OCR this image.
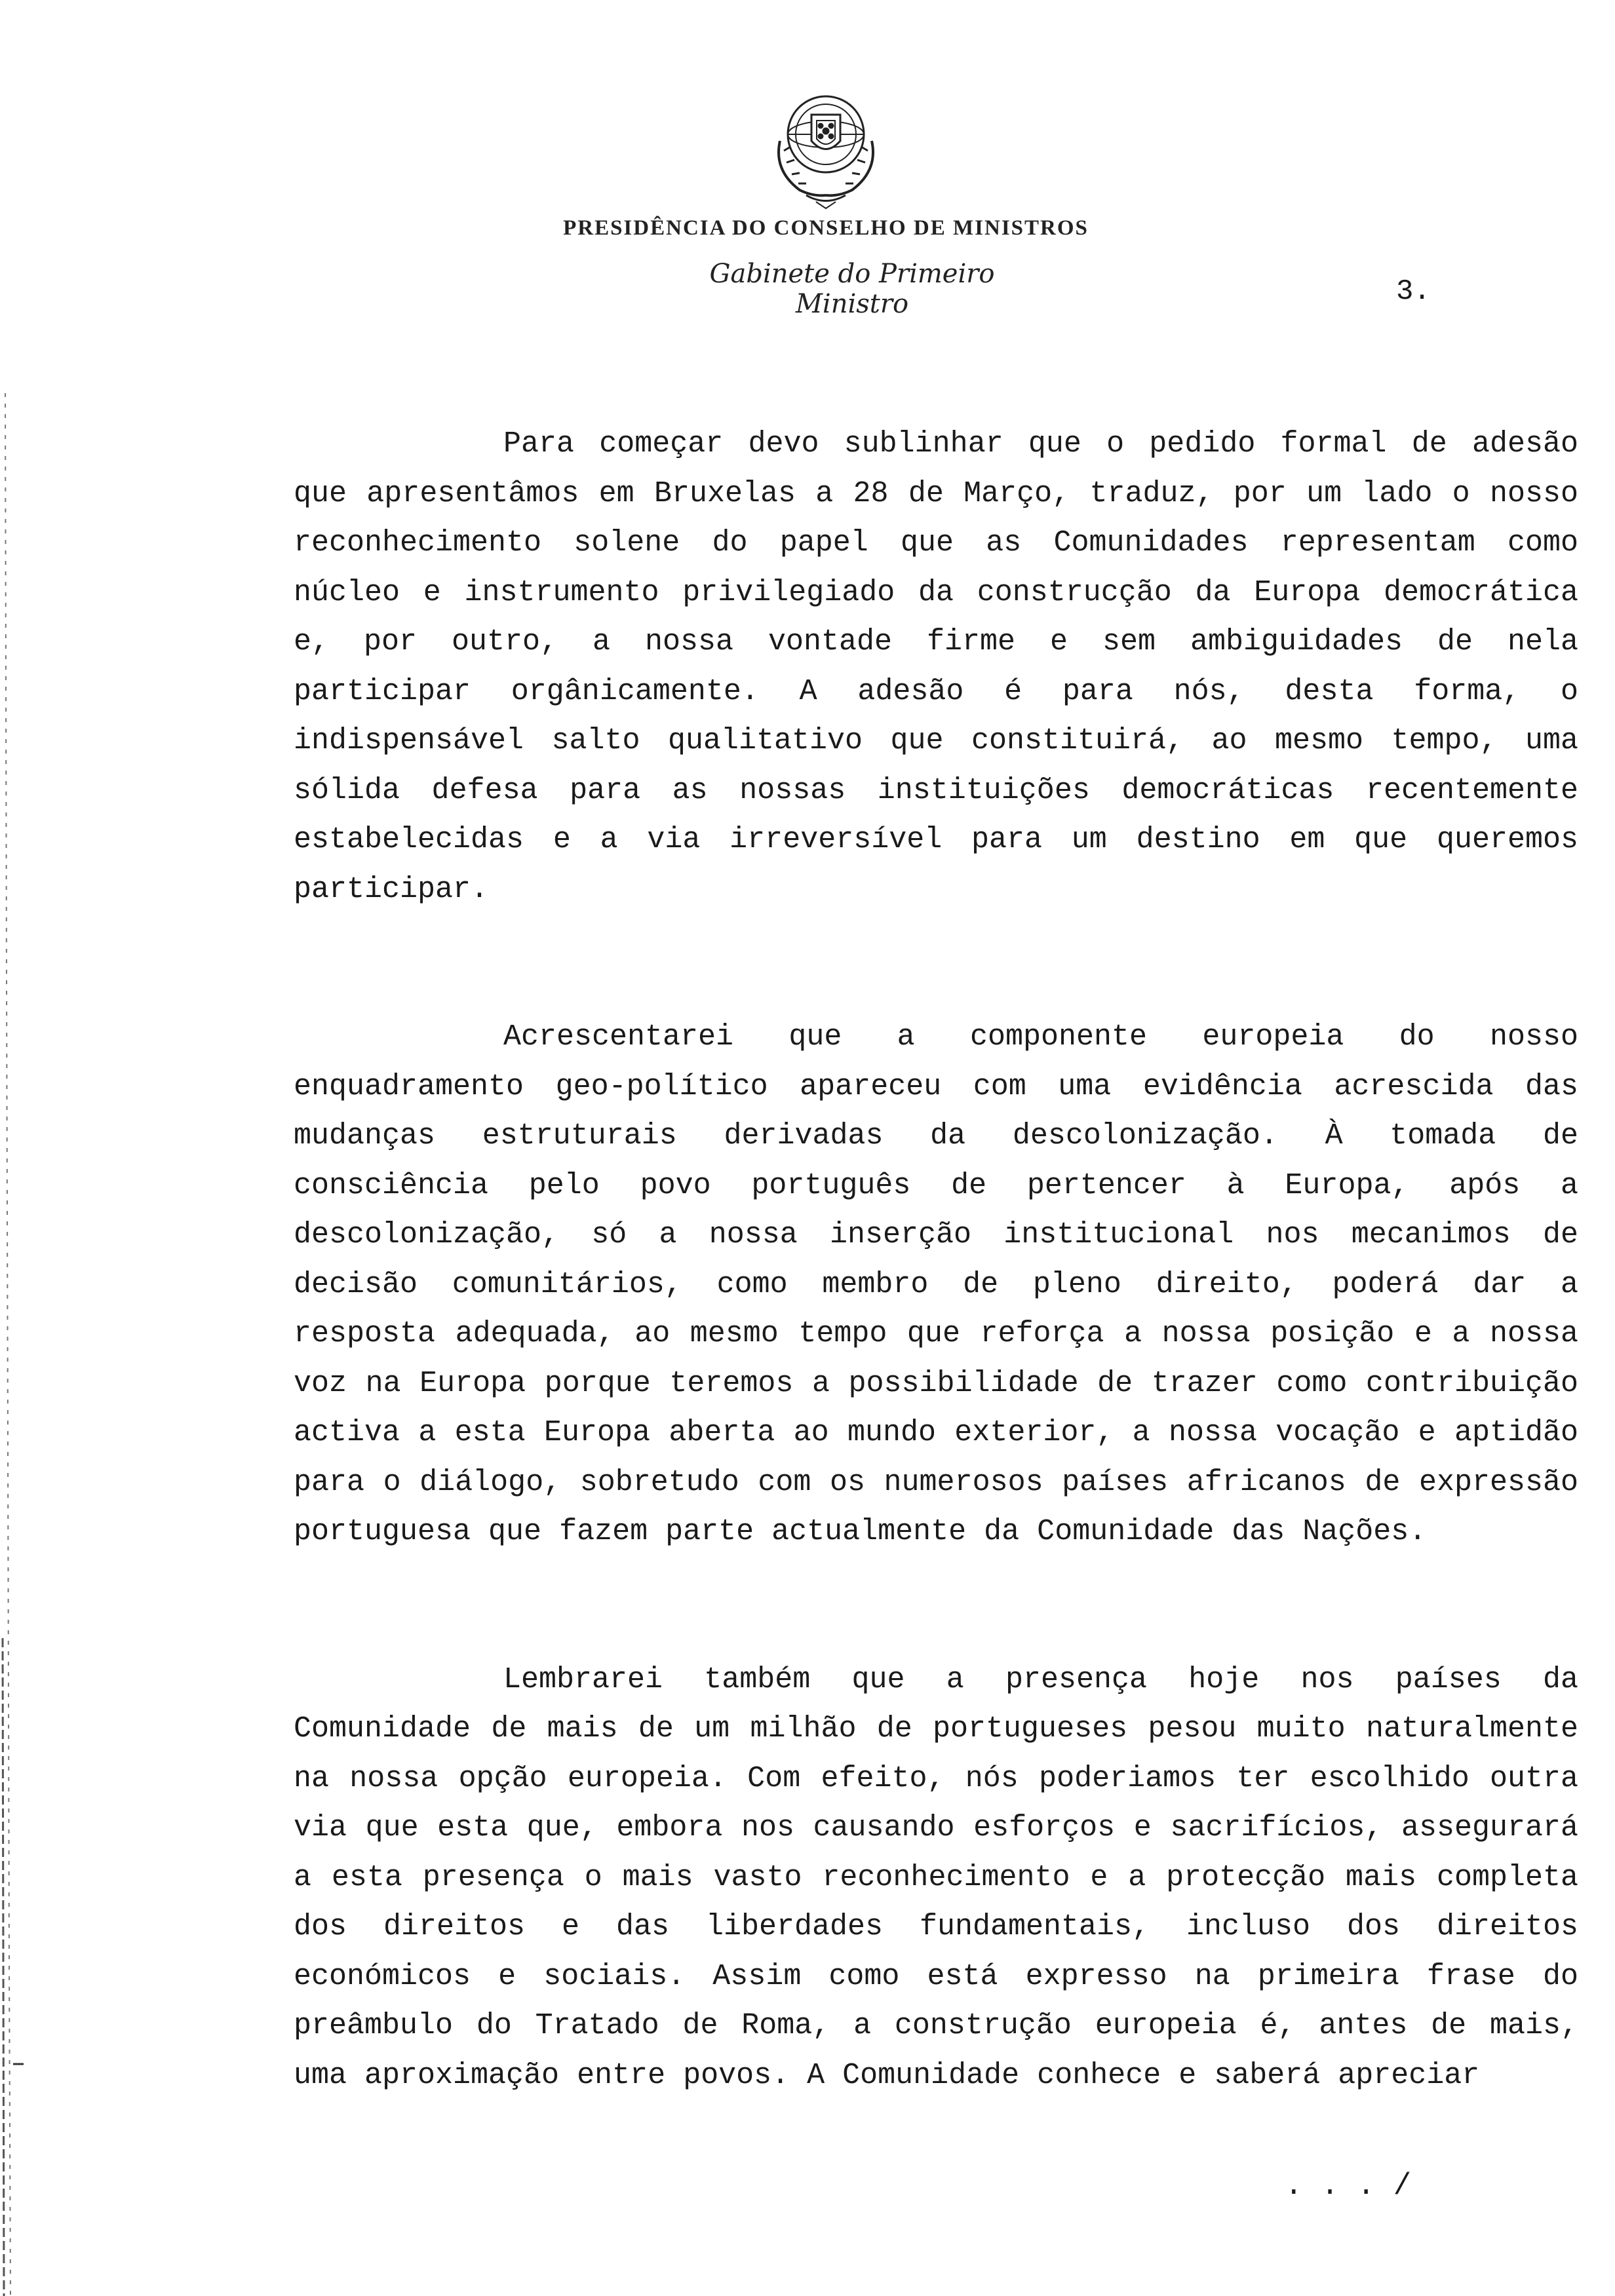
PRESIDÊNCIA DO CONSELHO DE MINISTROS
Gabinete do Primeiro Ministro	3.

Para começar devo sublinhar que o pedido formal de adesão que apresentâmos em Bruxelas a 28 de Março, traduz, por um lado o nosso reconhecimento solene do papel que as Comunidades representam como núcleo e instrumento privilegiado da construcção da Europa democrática e, por outro, a nossa vontade firme e sem ambiguidades de nela participar orgânicamente. A adesão é para nós, desta forma, o indispensável salto qualitativo que constituirá, ao mesmo tempo, uma sólida defesa para as nossas instituições democráticas recentemente estabelecidas e a via irreversível para um destino em que queremos participar.

Acrescentarei que a componente europeia do nosso enquadramento geo-político apareceu com uma evidência acrescida das mudanças estruturais derivadas da descolonização. À tomada de consciência pelo povo português de pertencer à Europa, após a descolonização, só a nossa inserção institucional nos mecanimos de decisão comunitários, como membro de pleno direito, poderá dar a resposta adequada, ao mesmo tempo que reforça a nossa posição e a nossa voz na Europa porque teremos a possibilidade de trazer como contribuição activa a esta Europa aberta ao mundo exterior, a nossa vocação e aptidão para o diálogo, sobretudo com os numerosos países africanos de expressão portuguesa que fazem parte actualmente da Comunidade das Nações.

Lembrarei também que a presença hoje nos países da Comunidade de mais de um milhão de portugueses pesou muito naturalmente na nossa opção europeia. Com efeito, nós poderiamos ter escolhido outra via que esta que, embora nos causando esforços e sacrifícios, assegurará a esta presença o mais vasto reconhecimento e a protecção mais completa dos direitos e das liberdades fundamentais, incluso dos direitos económicos e sociais. Assim como está expresso na primeira frase do preâmbulo do Tratado de Roma, a construção europeia é, antes de mais, uma aproximação entre povos. A Comunidade conhece e saberá apreciar

. . . /
